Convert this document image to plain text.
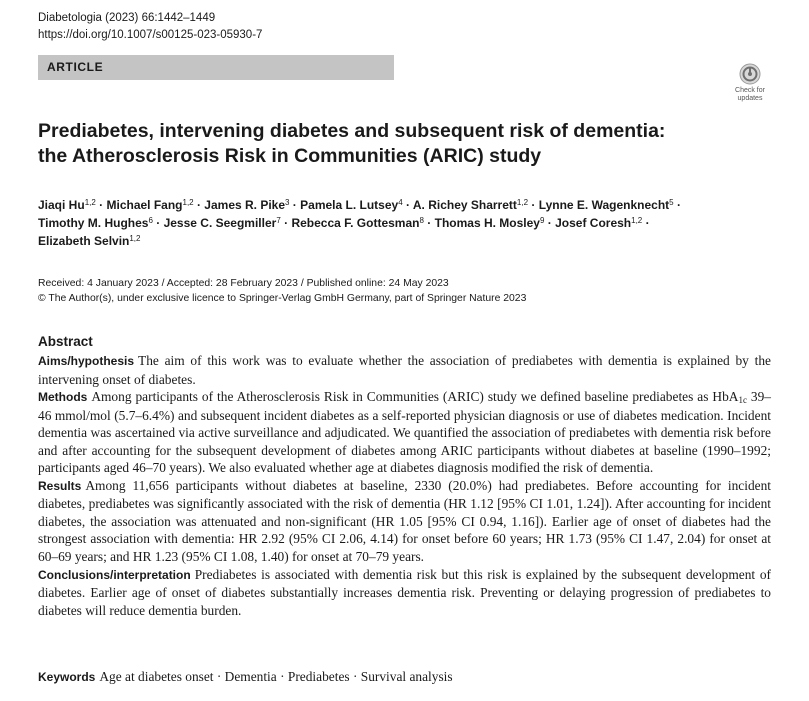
Diabetologia (2023) 66:1442–1449
https://doi.org/10.1007/s00125-023-05930-7
ARTICLE
Check for
updates
Prediabetes, intervening diabetes and subsequent risk of dementia:
the Atherosclerosis Risk in Communities (ARIC) study
Jiaqi Hu$^{1,2}$ · Michael Fang$^{1,2}$ · James R. Pike$^3$ · Pamela L. Lutsey$^4$ · A. Richey Sharrett$^{1,2}$ · Lynne E. Wagenknecht$^5$ ·
Timothy M. Hughes$^6$ · Jesse C. Seegmiller$^7$ · Rebecca F. Gottesman$^8$ · Thomas H. Mosley$^9$ · Josef Coresh$^{1,2}$ ·
Elizabeth Selvin$^{1,2}$
Received: 4 January 2023 / Accepted: 28 February 2023 / Published online: 24 May 2023
© The Author(s), under exclusive licence to Springer-Verlag GmbH Germany, part of Springer Nature 2023
Abstract

Aims/hypothesis The aim of this work was to evaluate whether the association of prediabetes with dementia is explained by the intervening onset of diabetes.

Methods Among participants of the Atherosclerosis Risk in Communities (ARIC) study we defined baseline prediabetes as HbA$_{1c}$ 39–46 mmol/mol (5.7–6.4%) and subsequent incident diabetes as a self-reported physician diagnosis or use of diabetes medication. Incident dementia was ascertained via active surveillance and adjudicated. We quantified the association of prediabetes with dementia risk before and after accounting for the subsequent development of diabetes among ARIC participants without diabetes at baseline (1990–1992; participants aged 46–70 years). We also evaluated whether age at diabetes diagnosis modified the risk of dementia.

Results Among 11,656 participants without diabetes at baseline, 2330 (20.0%) had prediabetes. Before accounting for incident diabetes, prediabetes was significantly associated with the risk of dementia (HR 1.12 [95% CI 1.01, 1.24]). After accounting for incident diabetes, the association was attenuated and non-significant (HR 1.05 [95% CI 0.94, 1.16]). Earlier age of onset of diabetes had the strongest association with dementia: HR 2.92 (95% CI 2.06, 4.14) for onset before 60 years; HR 1.73 (95% CI 1.47, 2.04) for onset at 60–69 years; and HR 1.23 (95% CI 1.08, 1.40) for onset at 70–79 years.

Conclusions/interpretation Prediabetes is associated with dementia risk but this risk is explained by the subsequent development of diabetes. Earlier age of onset of diabetes substantially increases dementia risk. Preventing or delaying progression of prediabetes to diabetes will reduce dementia burden.

Keywords Age at diabetes onset · Dementia · Prediabetes · Survival analysis
